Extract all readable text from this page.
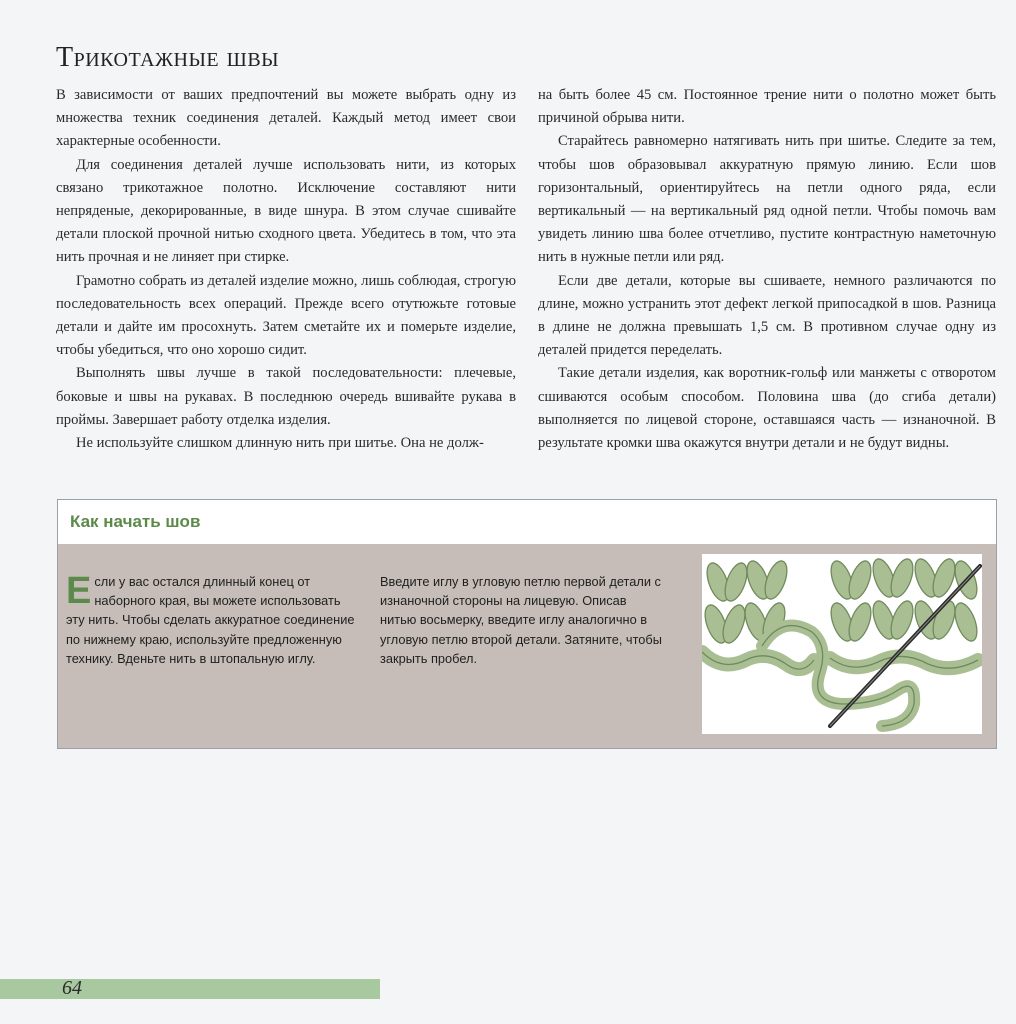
Трикотажные швы

В зависимости от ваших предпочтений вы можете выбрать одну из множества техник соединения деталей. Каждый метод имеет свои характерные особенности.

Для соединения деталей лучше использовать нити, из которых связано трикотажное полотно. Исключение составляют нити непряденые, декорированные, в виде шнура. В этом случае сшивайте детали плоской прочной нитью сходного цвета. Убедитесь в том, что эта нить прочная и не линяет при стирке.

Грамотно собрать из деталей изделие можно, лишь соблюдая, строгую последовательность всех операций. Прежде всего отутюжьте готовые детали и дайте им просохнуть. Затем сметайте их и померьте изделие, чтобы убедиться, что оно хорошо сидит.

Выполнять швы лучше в такой последовательности: плечевые, боковые и швы на рукавах. В последнюю очередь вшивайте рукава в проймы. Завершает работу отделка изделия.

Не используйте слишком длинную нить при шитье. Она не долж-

на быть более 45 см. Постоянное трение нити о полотно может быть причиной обрыва нити.

Старайтесь равномерно натягивать нить при шитье. Следите за тем, чтобы шов образовывал аккуратную прямую линию. Если шов горизонтальный, ориентируйтесь на петли одного ряда, если вертикальный — на вертикальный ряд одной петли. Чтобы помочь вам увидеть линию шва более отчетливо, пустите контрастную наметочную нить в нужные петли или ряд.

Если две детали, которые вы сшиваете, немного различаются по длине, можно устранить этот дефект легкой припосадкой в шов. Разница в длине не должна превышать 1,5 см. В противном случае одну из деталей придется переделать.

Такие детали изделия, как воротник-гольф или манжеты с отворотом сшиваются особым способом. Половина шва (до сгиба детали) выполняется по лицевой стороне, оставшаяся часть — изнаночной. В результате кромки шва окажутся внутри детали и не будут видны.

Как начать шов
Если у вас остался длинный конец от наборного края, вы можете использовать эту нить. Чтобы сделать аккуратное соединение по нижнему краю, используйте предложенную технику. Вденьте нить в штопальную иглу.
Введите иглу в угловую петлю первой детали с изнаночной стороны на лицевую. Описав нитью восьмерку, введите иглу аналогично в угловую петлю второй детали. Затяните, чтобы закрыть пробел.
64
